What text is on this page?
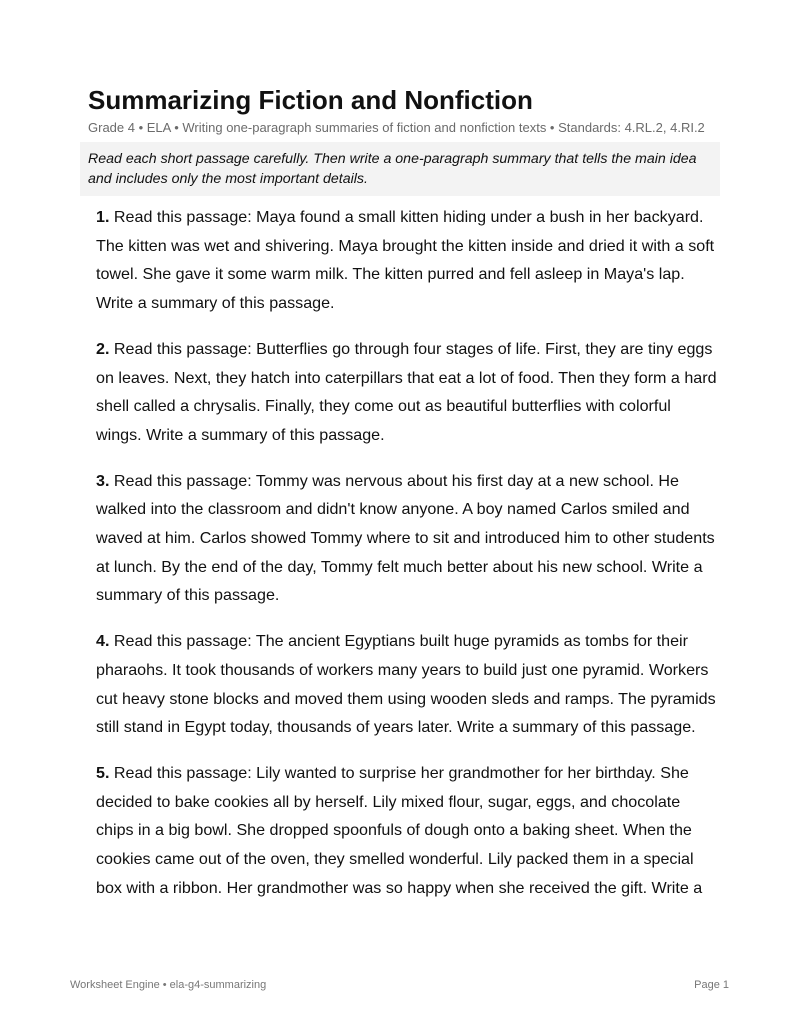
Summarizing Fiction and Nonfiction
Grade 4 • ELA • Writing one-paragraph summaries of fiction and nonfiction texts • Standards: 4.RL.2, 4.RI.2
Read each short passage carefully. Then write a one-paragraph summary that tells the main idea and includes only the most important details.

1. Read this passage: Maya found a small kitten hiding under a bush in her backyard. The kitten was wet and shivering. Maya brought the kitten inside and dried it with a soft towel. She gave it some warm milk. The kitten purred and fell asleep in Maya's lap. Write a summary of this passage.

2. Read this passage: Butterflies go through four stages of life. First, they are tiny eggs on leaves. Next, they hatch into caterpillars that eat a lot of food. Then they form a hard shell called a chrysalis. Finally, they come out as beautiful butterflies with colorful wings. Write a summary of this passage.

3. Read this passage: Tommy was nervous about his first day at a new school. He walked into the classroom and didn't know anyone. A boy named Carlos smiled and waved at him. Carlos showed Tommy where to sit and introduced him to other students at lunch. By the end of the day, Tommy felt much better about his new school. Write a summary of this passage.

4. Read this passage: The ancient Egyptians built huge pyramids as tombs for their pharaohs. It took thousands of workers many years to build just one pyramid. Workers cut heavy stone blocks and moved them using wooden sleds and ramps. The pyramids still stand in Egypt today, thousands of years later. Write a summary of this passage.

5. Read this passage: Lily wanted to surprise her grandmother for her birthday. She decided to bake cookies all by herself. Lily mixed flour, sugar, eggs, and chocolate chips in a big bowl. She dropped spoonfuls of dough onto a baking sheet. When the cookies came out of the oven, they smelled wonderful. Lily packed them in a special box with a ribbon. Her grandmother was so happy when she received the gift. Write a

Worksheet Engine • ela-g4-summarizing	Page 1
